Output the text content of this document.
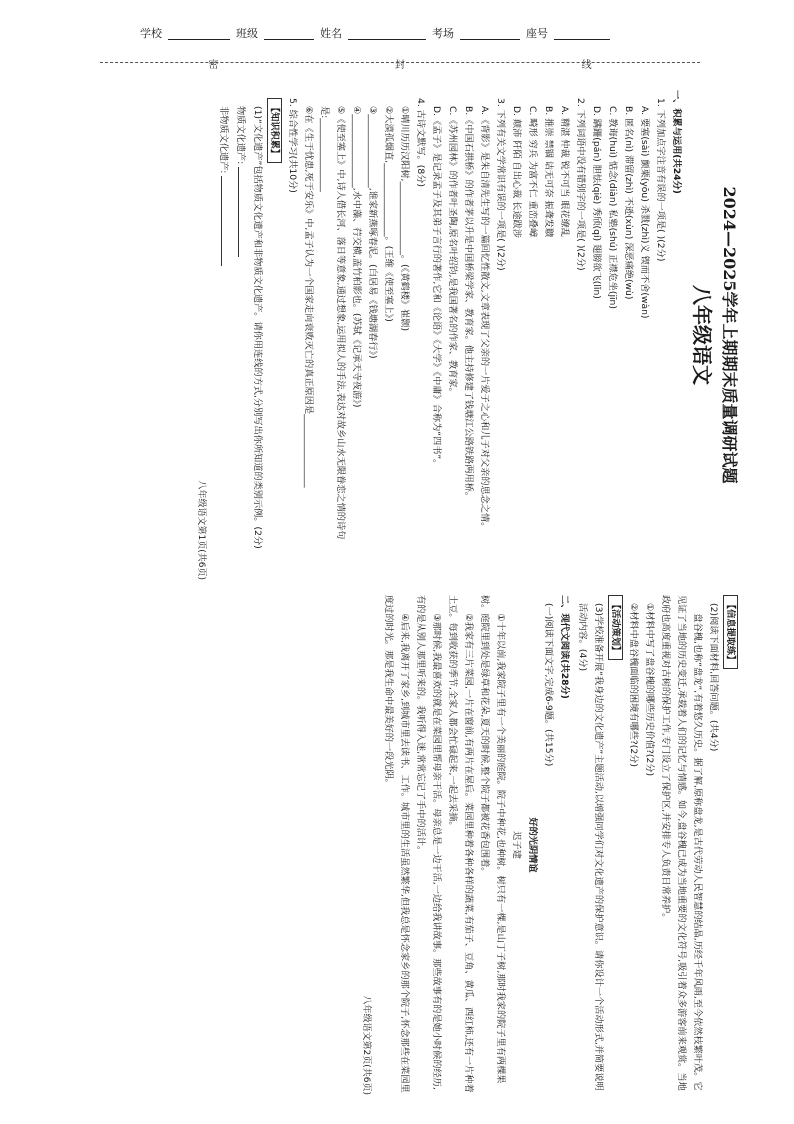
学校	班级	姓名	考场	座号
密	封	线
2024—2025学年上期期末质量调研试题
八年级语文
一、积累与运用(共24分)
1. 下列加点字注音有误的一项是( )(2分)
A. 要塞(sài) 颤栗(yōu) 杀戮(zhì)义 锲而不舍(wàn)
B. 匿名(nì) 滞留(zhì) 不逊(xùn) 深恶痛绝(wù)
C. 教诲(huì) 惦念(diàn) 私塾(shú) 正襟危坐(jīn)
D. 蹒跚(pán) 胆怯(qiè) 秀颀(qí) 翅膀欲飞(lǐn)
2. 下列词语中没有错别字的一项是( )(2分)
A. 精湛 仲裁 锐不可当 眼花缭乱
B. 推崇 禁锢 诘无可奈 振聋发聩
C. 畸形 穷兵 为富不仁 重峦叠嶂
D. 颠沛 阡陌 自出心裁 长途跋涉
3. 下列有关文学常识有误的一项是( )(2分)
A.《背影》是朱自清先生写的一篇回忆性散文,文章表现了父亲的一片爱子之心和儿子对父亲的思念之情。
B.《中国石拱桥》的作者茅以升是中国桥梁学家、教育家。他主持修建了钱塘江公路铁路两用桥。
C.《苏州园林》的作者叶圣陶,原名叶绍钧,是我国著名的作家、教育家。
D.《孟子》是记录孟子及其弟子言行的著作,它和《论语》《大学》《中庸》合称为“四书”。
4. 古诗文默写。(8分)
①晴川历历汉阳树,________________。(《黄鹤楼》崔颢)
②大漠孤烟直,________________。(王维《使至塞上》)
③________________,谁家新燕啄春泥。(白居易《钱塘湖春行》)
④________________,水中藻、荇交横,盖竹柏影也。(苏轼《记承天寺夜游》)
⑤《使至塞上》中,诗人借长河、落日等意象,通过想象,运用拟人的手法,表达对故乡山水无限眷恋之情的诗句是:________________
⑥在《生于忧患,死于安乐》中,孟子认为一个国家走向衰败灭亡的真正原因是________________
5. 综合性学习(共10分)
【知识积累】
(1)“文化遗产”包括物质文化遗产和非物质文化遗产。请你用连线的方式,分别写出你所知道的类别示例。(2分)
物质文化遗产:
非物质文化遗产:
八年级语文第1页(共6页)
【信息提取练】
(2)阅读下面材料,回答问题。(共4分)
盘谷槐,也称“盘龙”,有着悠久历史。据了解,原称盘龙,是古代劳动人民智慧的结晶,历经千年风雨,至今依然枝繁叶茂。它见证了当地的历史变迁,承载着人们的记忆与情感。如今,盘谷槐已成为当地重要的文化符号,吸引着众多游客前来观赏。当地政府也高度重视对古树的保护工作,专门设立了保护区,并安排专人负责日常养护。
①材料中写了盘谷槐的哪些历史价值?(2分)
②材料中盘谷槐面临的困境有哪些?(2分)
【活动策划】
(3)学校准备开展“我身边的文化遗产”主题活动,以增强同学们对文化遗产的保护意识。请你设计一个活动形式,并简要说明活动内容。(4分)
二、现代文阅读(共28分)
(一)阅读下面文字,完成6-9题。(共15分)
好的光阴情谊
迟子建
①十年以前,我家院子里有一个美丽的庭院。院子中种花,也种树。树只有一棵,是山丁子树,那时我家的院子里有两棵果树。庭院里到处是绿草和花朵,夏天的时候,整个院子都被花香包围着。
②我家有三片菜园,一片在窗前,有两片在屋后。菜园里种着各种各样的蔬菜,有茄子、豆角、黄瓜、西红柿,还有一片种着土豆。每到收获的季节,全家人都会忙碌起来,一起去采摘。
③那时候,我最喜欢的就是在菜园里帮母亲干活。母亲总是一边干活,一边给我讲故事。那些故事有的是她小时候的经历,有的是从别人那里听来的。我听得入迷,常常忘记了手中的活计。
④后来,我离开了家乡,到城市里去读书、工作。城市里的生活虽然繁华,但我总是怀念家乡的那个院子,怀念那些在菜园里度过的时光。那是我生命中最美好的一段光阴。
八年级语文第2页(共6页)
